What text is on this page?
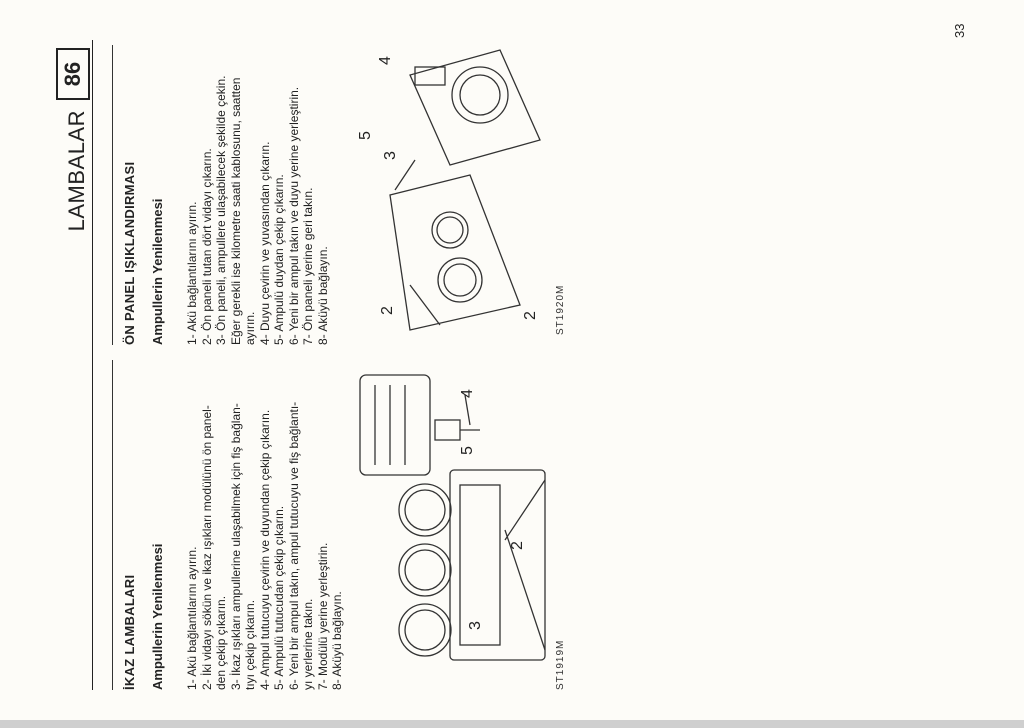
33
LAMBALAR
86
İKAZ LAMBALARI Ampullerin Yenilenmesi 1- Akü bağlantılarını ayırın. 2- İki vidayı sökün ve ikaz ışıkları modülünü ön panel- den çekip çıkarın. 3- İkaz ışıkları ampullerine ulaşabilmek için fiş bağlan- tıyı çekip çıkarın. 4- Ampul tutucuyu çevirin ve duyundan çekip çıkarın. 5- Ampulü tutucudan çekip çıkarın. 6- Yeni bir ampul takın, ampul tutucuyu ve fiş bağlantı- yı yerlerine takın. 7- Modülü yerine yerleştirin. 8- Aküyü bağlayın.
2
3
4
5
ST1919M
ÖN PANEL IŞIKLANDIRMASI Ampullerin Yenilenmesi 1- Akü bağlantılarını ayırın. 2- Ön paneli tutan dört vidayı çıkarın. 3- Ön paneli, ampullere ulaşabilecek şekilde çekin. Eğer gerekli ise kilometre saati kablosunu, saatten ayırın. 4- Duyu çevirin ve yuvasından çıkarın. 5- Ampulü duydan çekip çıkarın. 6- Yeni bir ampul takın ve duyu yerine yerleştirin. 7- Ön paneli yerine geri takın. 8- Aküyü bağlayın.	2
2
3
4
5
ST1920M
